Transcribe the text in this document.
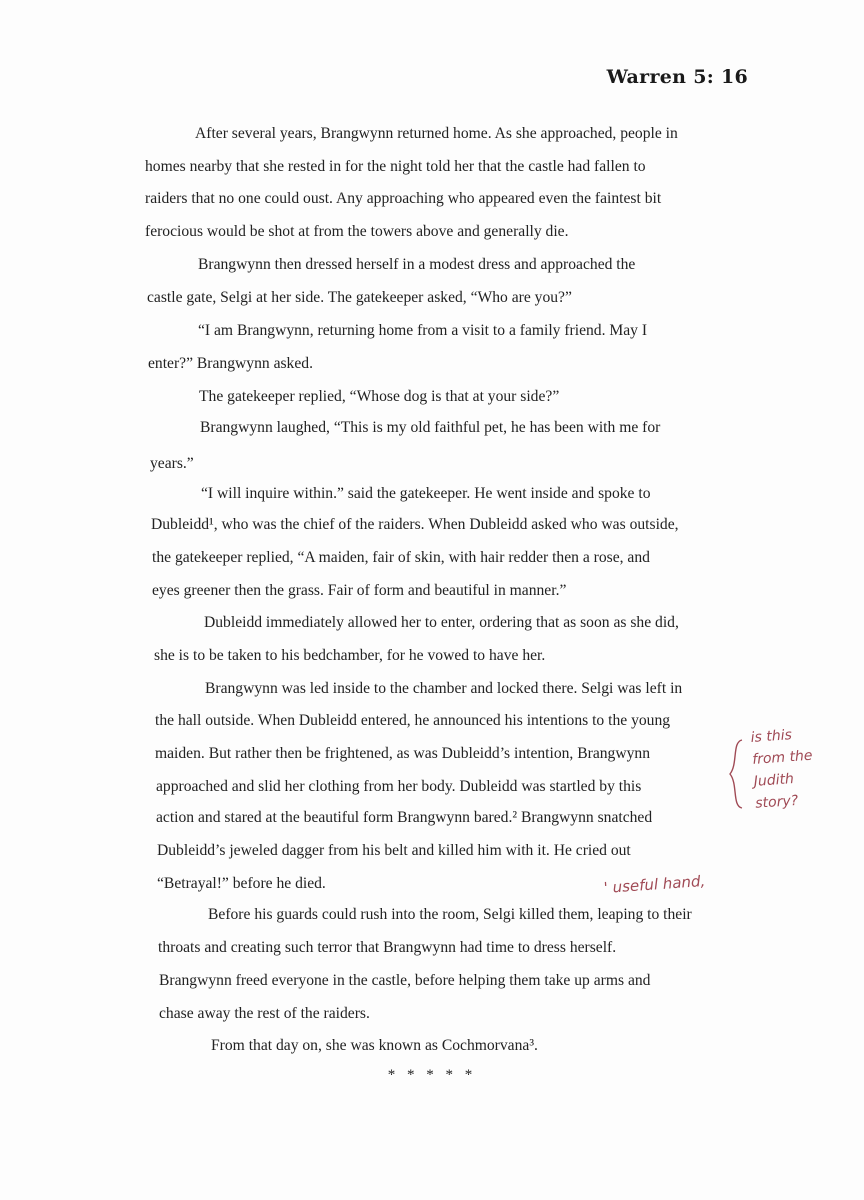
Warren 5: 16
After several years, Brangwynn returned home. As she approached, people in
homes nearby that she rested in for the night told her that the castle had fallen to
raiders that no one could oust. Any approaching who appeared even the faintest bit
ferocious would be shot at from the towers above and generally die.
Brangwynn then dressed herself in a modest dress and approached the
castle gate, Selgi at her side. The gatekeeper asked, “Who are you?”
“I am Brangwynn, returning home from a visit to a family friend. May I
enter?” Brangwynn asked.
The gatekeeper replied, “Whose dog is that at your side?”
Brangwynn laughed, “This is my old faithful pet, he has been with me for
years.”
“I will inquire within.” said the gatekeeper. He went inside and spoke to
Dubleidd¹, who was the chief of the raiders. When Dubleidd asked who was outside,
the gatekeeper replied, “A maiden, fair of skin, with hair redder then a rose, and
eyes greener then the grass. Fair of form and beautiful in manner.”
Dubleidd immediately allowed her to enter, ordering that as soon as she did,
she is to be taken to his bedchamber, for he vowed to have her.
Brangwynn was led inside to the chamber and locked there. Selgi was left in
the hall outside. When Dubleidd entered, he announced his intentions to the young
maiden. But rather then be frightened, as was Dubleidd’s intention, Brangwynn
approached and slid her clothing from her body. Dubleidd was startled by this
action and stared at the beautiful form Brangwynn bared.² Brangwynn snatched
Dubleidd’s jeweled dagger from his belt and killed him with it. He cried out
“Betrayal!” before he died.
Before his guards could rush into the room, Selgi killed them, leaping to their
throats and creating such terror that Brangwynn had time to dress herself.
Brangwynn freed everyone in the castle, before helping them take up arms and
chase away the rest of the raiders.
From that day on, she was known as Cochmorvana³.
* * * * *
is this
from the
Judith
story?
' useful hand,
